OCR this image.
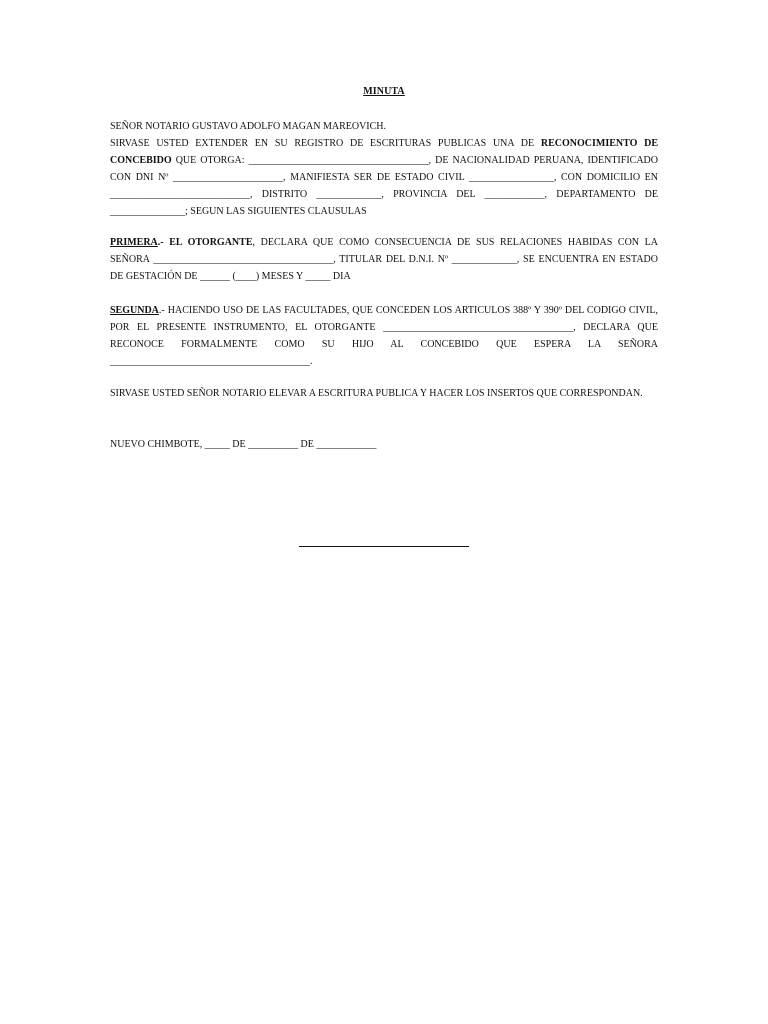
MINUTA

SEÑOR NOTARIO GUSTAVO ADOLFO MAGAN MAREOVICH.

SIRVASE USTED EXTENDER EN SU REGISTRO DE ESCRITURAS PUBLICAS UNA DE RECONOCIMIENTO DE CONCEBIDO QUE OTORGA: ____________________________________, DE NACIONALIDAD PERUANA, IDENTIFICADO CON DNI Nº ______________________, MANIFIESTA SER DE ESTADO CIVIL _________________, CON DOMICILIO EN ____________________________, DISTRITO _____________, PROVINCIA DEL ____________, DEPARTAMENTO DE _______________; SEGUN LAS SIGUIENTES CLAUSULAS

PRIMERA.- EL OTORGANTE, DECLARA QUE COMO CONSECUENCIA DE SUS RELACIONES HABIDAS CON LA SEÑORA ____________________________________, TITULAR DEL D.N.I. Nº _____________, SE ENCUENTRA EN ESTADO DE GESTACIÓN DE ______ (____) MESES Y _____ DIA

SEGUNDA.- HACIENDO USO DE LAS FACULTADES, QUE CONCEDEN LOS ARTICULOS 388º Y 390º DEL CODIGO CIVIL, POR EL PRESENTE INSTRUMENTO, EL OTORGANTE ______________________________________, DECLARA QUE RECONOCE FORMALMENTE COMO SU HIJO AL CONCEBIDO QUE ESPERA LA SEÑORA ________________________________________.

SIRVASE USTED SEÑOR NOTARIO ELEVAR A ESCRITURA PUBLICA Y HACER LOS INSERTOS QUE CORRESPONDAN.

NUEVO CHIMBOTE, _____ DE __________ DE ____________
